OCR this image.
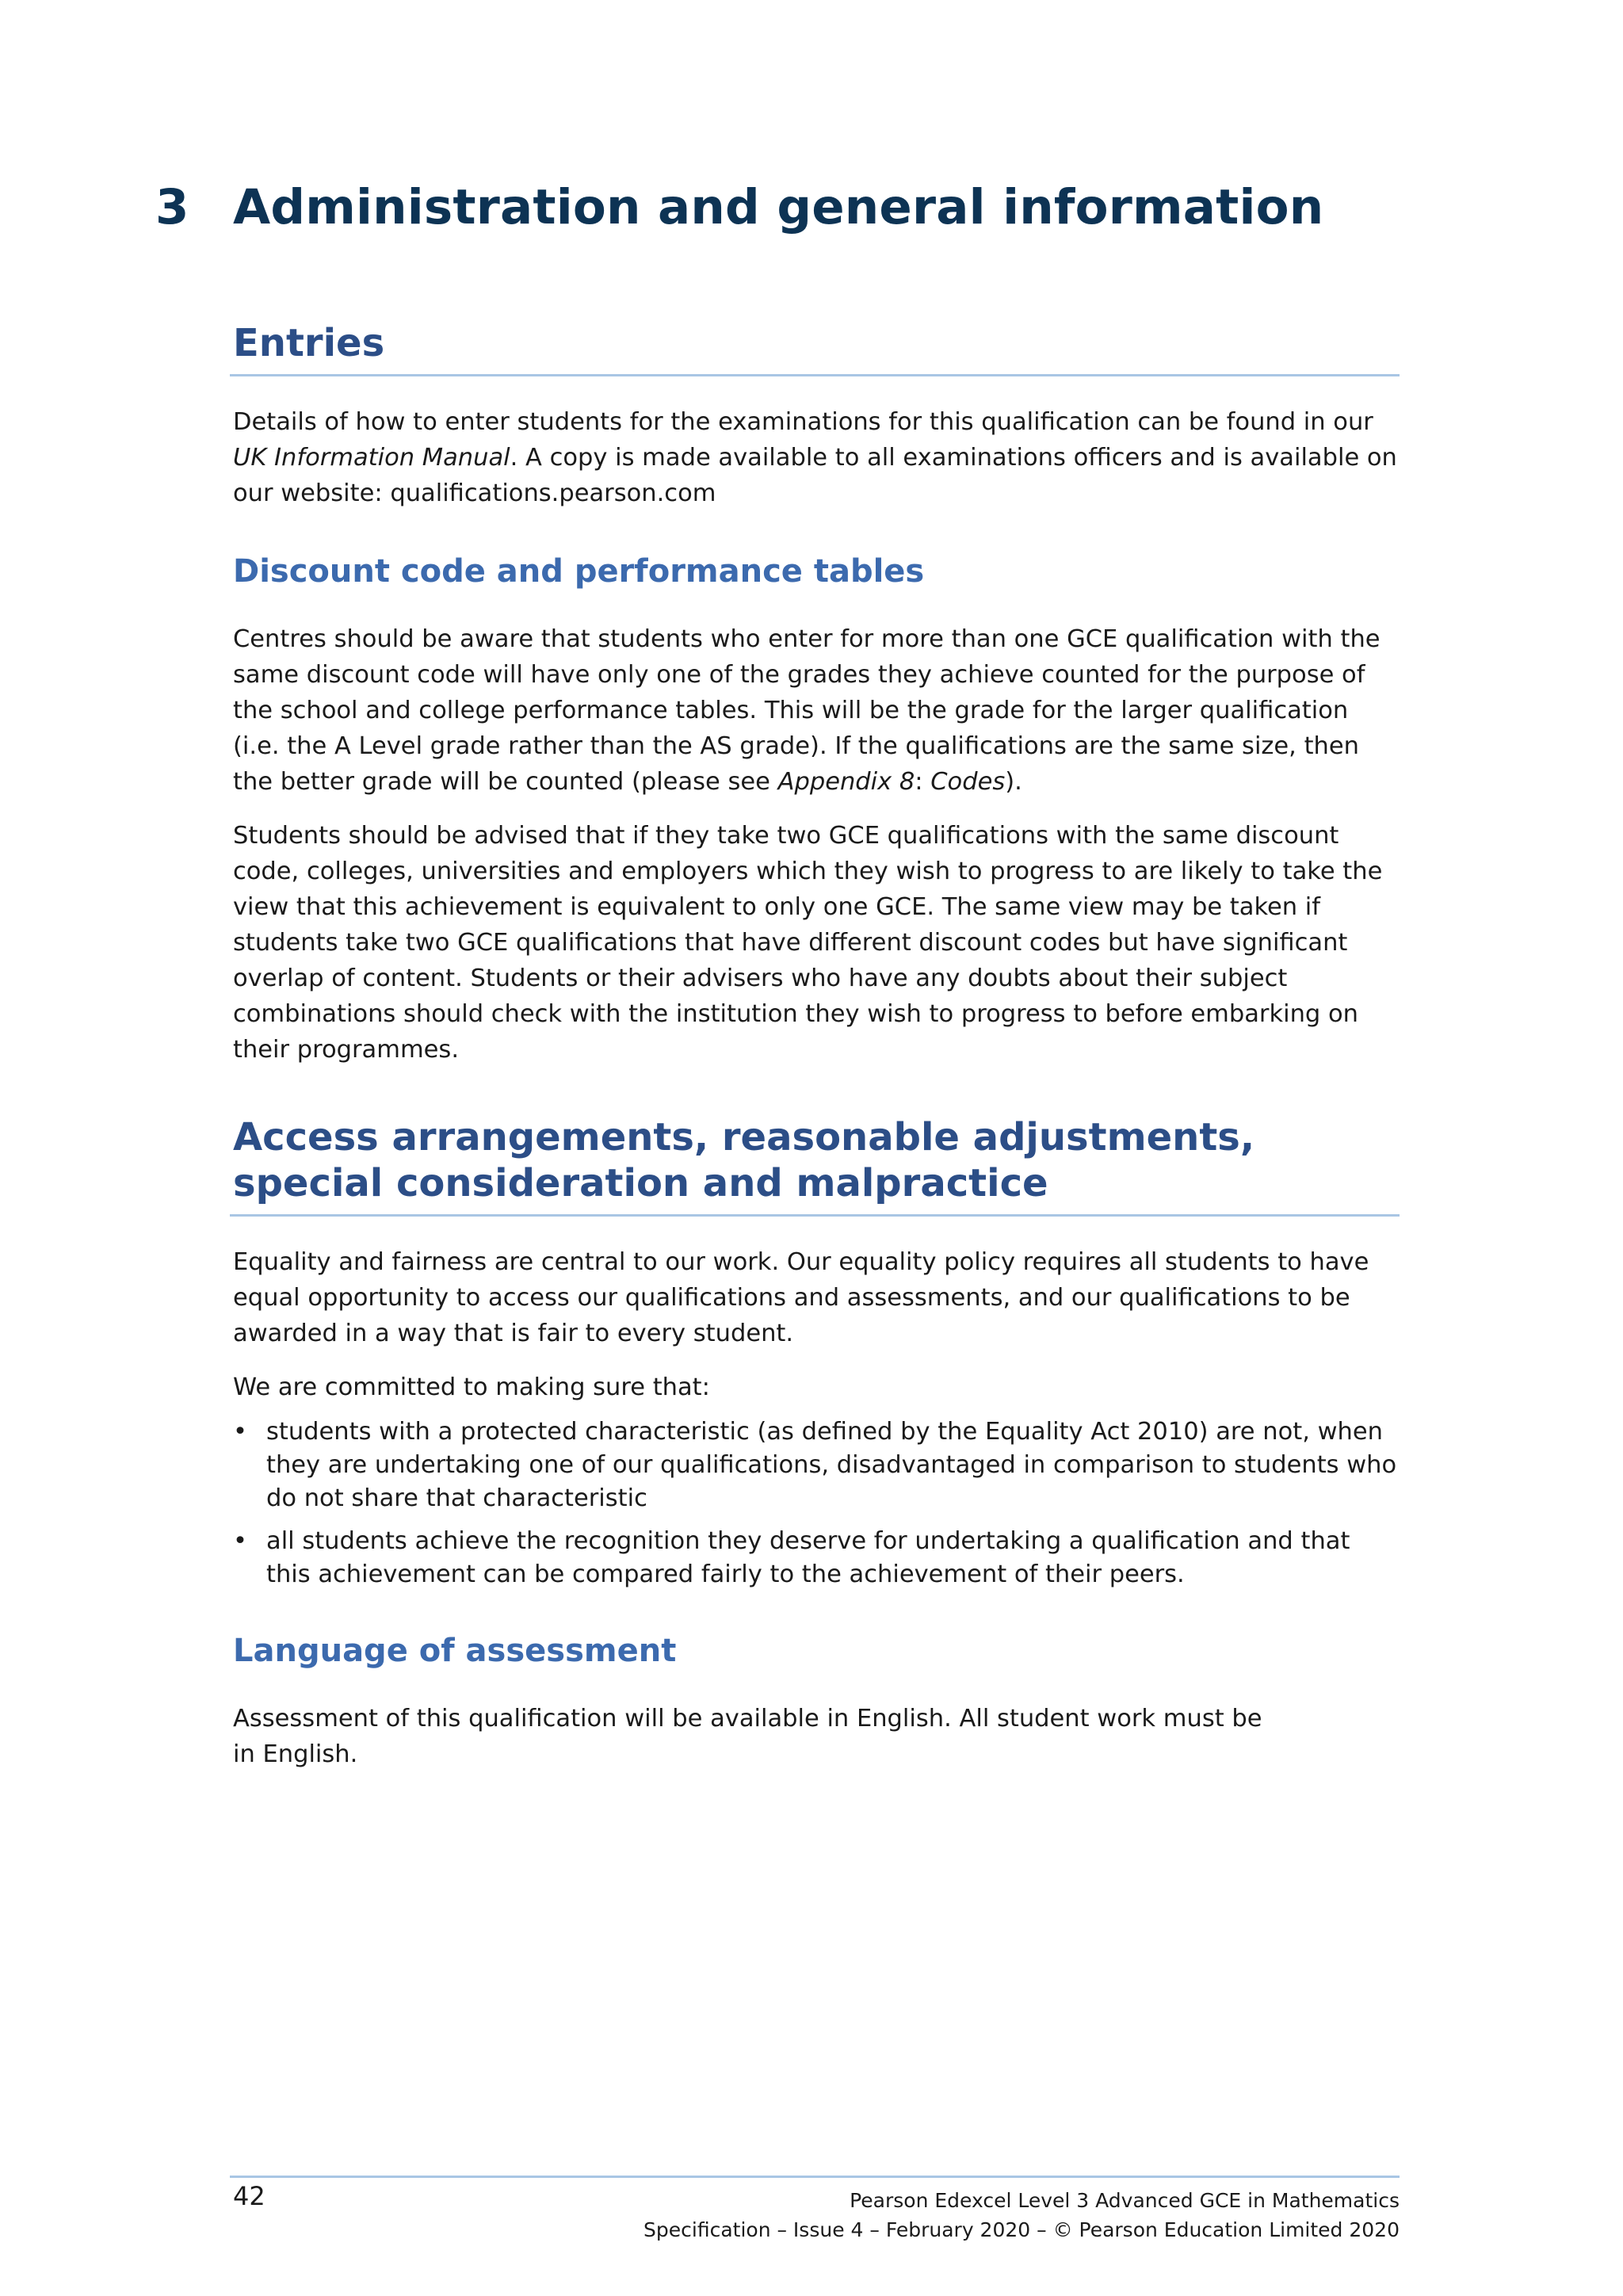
3 Administration and general information
Entries

Details of how to enter students for the examinations for this qualification can be found in our UK Information Manual. A copy is made available to all examinations officers and is available on our website: qualifications.pearson.com

Discount code and performance tables

Centres should be aware that students who enter for more than one GCE qualification with the same discount code will have only one of the grades they achieve counted for the purpose of the school and college performance tables. This will be the grade for the larger qualification (i.e. the A Level grade rather than the AS grade). If the qualifications are the same size, then the better grade will be counted (please see Appendix 8: Codes).

Students should be advised that if they take two GCE qualifications with the same discount code, colleges, universities and employers which they wish to progress to are likely to take the view that this achievement is equivalent to only one GCE. The same view may be taken if students take two GCE qualifications that have different discount codes but have significant overlap of content. Students or their advisers who have any doubts about their subject combinations should check with the institution they wish to progress to before embarking on their programmes.

Access arrangements, reasonable adjustments,
special consideration and malpractice

Equality and fairness are central to our work. Our equality policy requires all students to have equal opportunity to access our qualifications and assessments, and our qualifications to be awarded in a way that is fair to every student.

We are committed to making sure that:

• students with a protected characteristic (as defined by the Equality Act 2010) are not, when they are undertaking one of our qualifications, disadvantaged in comparison to students who do not share that characteristic
• all students achieve the recognition they deserve for undertaking a qualification and that this achievement can be compared fairly to the achievement of their peers.
Language of assessment
Assessment of this qualification will be available in English. All student work must be
in English.
42	Pearson Edexcel Level 3 Advanced GCE in Mathematics
Specification – Issue 4 – February 2020 – © Pearson Education Limited 2020
